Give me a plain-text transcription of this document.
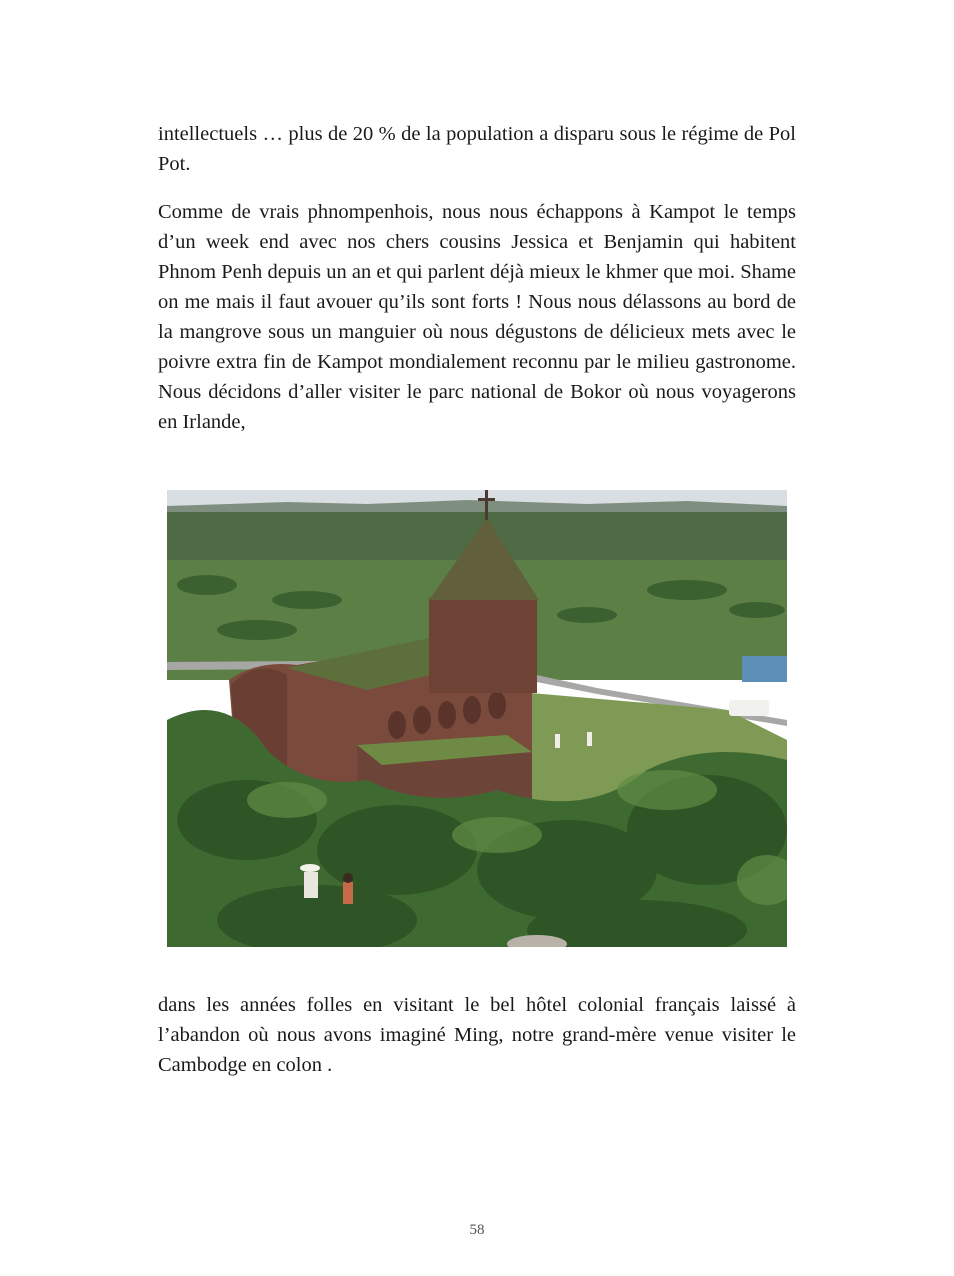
intellectuels … plus de 20 % de la population a disparu sous le régime de Pol Pot.

Comme de vrais phnompenhois, nous nous échappons à Kampot le temps d’un week end avec nos chers cousins Jessica et Benjamin qui habitent Phnom Penh depuis un an et qui parlent déjà mieux le khmer que moi. Shame on me mais il faut avouer qu’ils sont forts ! Nous nous délassons au bord de la mangrove sous un manguier où nous dégustons de délicieux mets avec le poivre extra fin de Kampot mondialement reconnu par le milieu gastronome. Nous décidons d’aller visiter le parc national de Bokor où nous voyagerons en Irlande,

dans les années folles en visitant le bel hôtel colonial français laissé à l’abandon où nous avons imaginé Ming, notre grand-mère venue visiter le Cambodge en colon .

58
